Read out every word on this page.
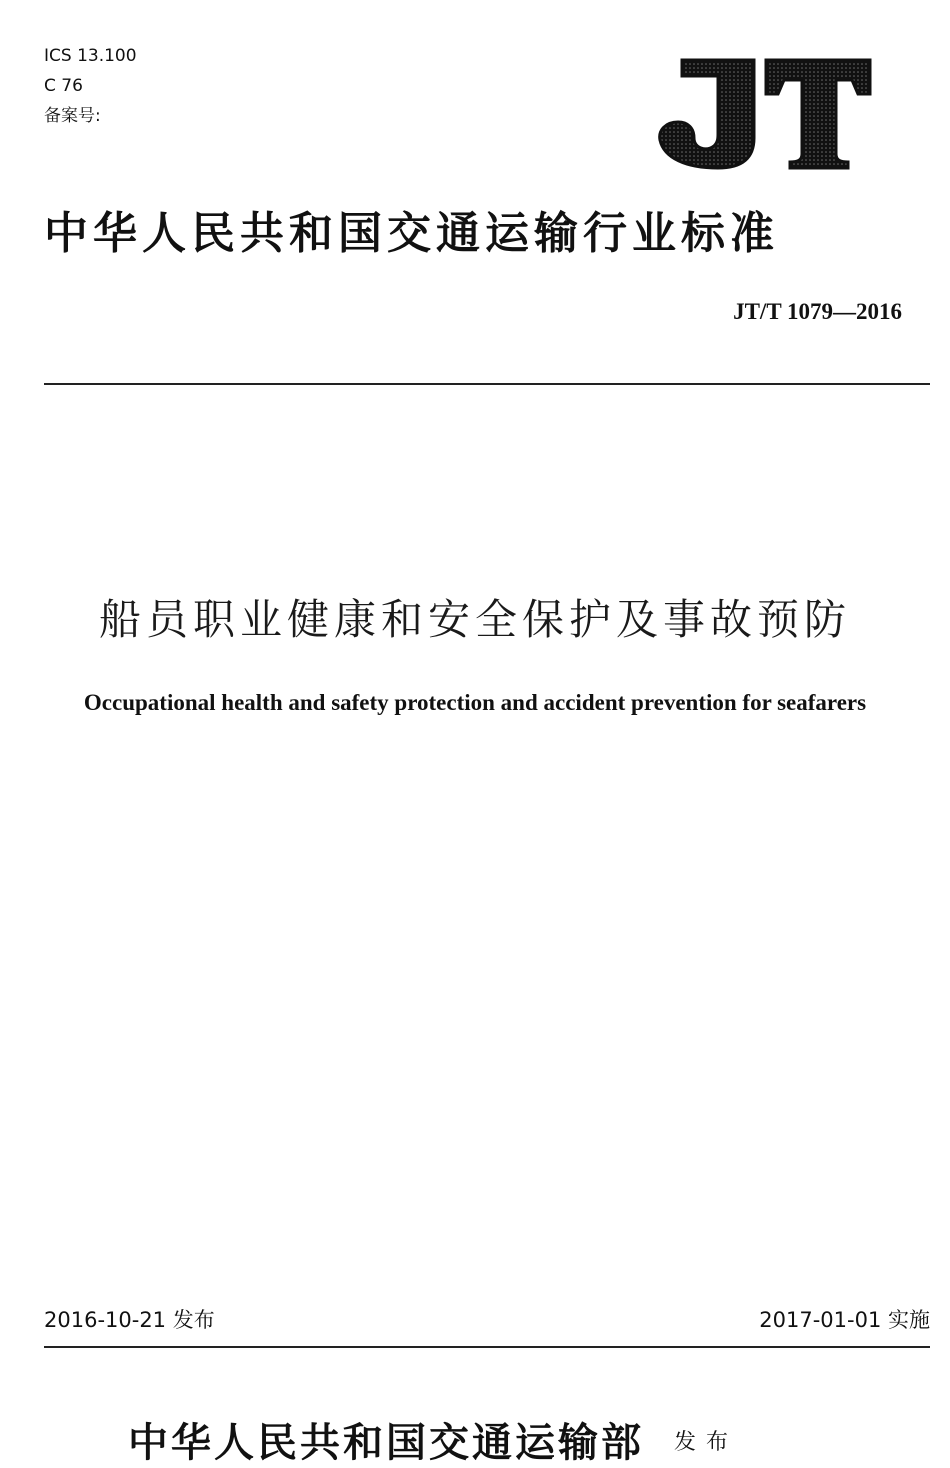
ICS 13.100
C 76
备案号:
中华人民共和国交通运输行业标准
JT/T 1079—2016
船员职业健康和安全保护及事故预防
Occupational health and safety protection and accident prevention for seafarers
2016-10-21 发布	2017-01-01 实施
中华人民共和国交通运输部 发布
